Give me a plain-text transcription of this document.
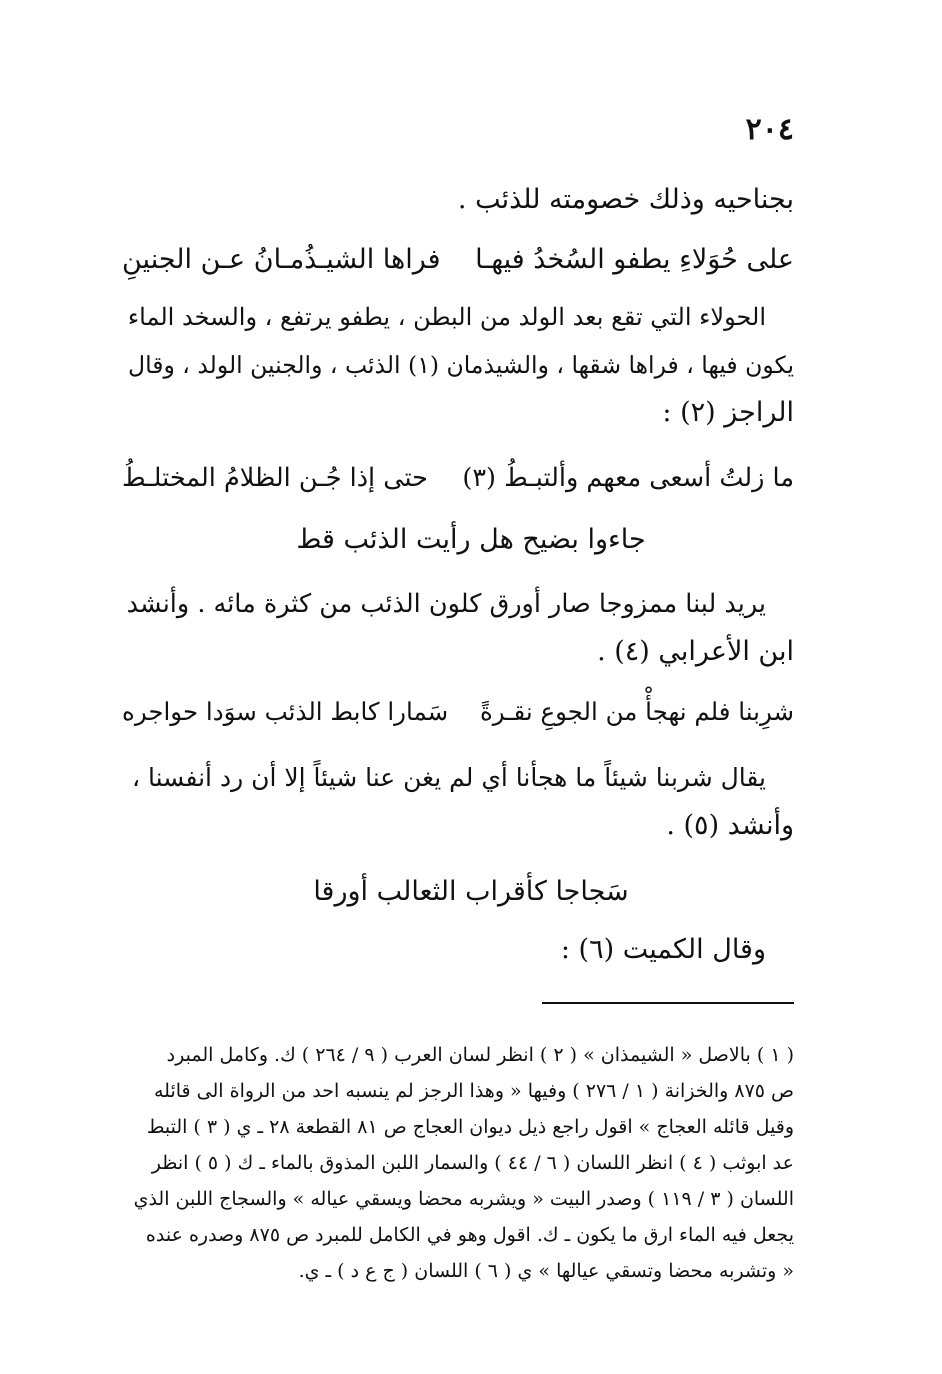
٢٠٤
بجناحيه وذلك خصومته للذئب .
على حُوَلاءِ يطفو السُخدُ فيهـا
فراها الشيـذُمـانُ عـن الجنينِ
الحولاء التي تقع بعد الولد من البطن ، يطفو يرتفع ، والسخد الماء
يكون فيها ، فراها شقها ، والشيذمان (١) الذئب ، والجنين الولد ، وقال
الراجز (٢) :
ما زلتُ أسعى معهم وألتبـطُ (٣)
حتى إذا جُـن الظلامُ المختلـطُ
جاءوا بضيح هل رأيت الذئب قط
يريد لبنا ممزوجا صار أورق كلون الذئب من كثرة مائه . وأنشد
ابن الأعرابي (٤) .
شرِبنا فلم نهجأْ من الجوعِ نقـرةً
سَمارا كابط الذئب سوَدا حواجره
يقال شربنا شيئاً ما هجأنا أي لم يغن عنا شيئاً إلا أن رد أنفسنا ،
وأنشد (٥) .
سَجاجا كأقراب الثعالب أورقا
وقال الكميت (٦) :
( ١ ) بالاصل « الشيمذان » ( ٢ ) انظر لسان العرب ( ٩ / ٢٦٤ ) ك. وكامل المبرد
ص ٨٧٥ والخزانة ( ١ / ٢٧٦ ) وفيها « وهذا الرجز لم ينسبه احد من الرواة الى قائله
وقيل قائله العجاج » اقول راجع ذيل ديوان العجاج ص ٨١ القطعة ٢٨ ـ ي ( ٣ ) التبط
عد ابوثب ( ٤ ) انظر اللسان ( ٦ / ٤٤ ) والسمار اللبن المذوق بالماء ـ ك ( ٥ ) انظر
اللسان ( ٣ / ١١٩ ) وصدر البيت « ويشربه محضا ويسقي عياله » والسجاج اللبن الذي
يجعل فيه الماء ارق ما يكون ـ ك. اقول وهو في الكامل للمبرد ص ٨٧٥ وصدره عنده
« وتشربه محضا وتسقي عيالها » ي ( ٦ ) اللسان ( ج ع د ) ـ ي.
